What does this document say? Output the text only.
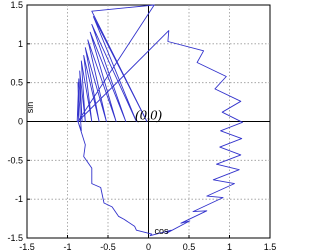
-1.5	-1	-0.5	0	0.5	1	1.5
-1.5
-1
-0.5
0
0.5
1
1.5
(0,0)
cos
sin
